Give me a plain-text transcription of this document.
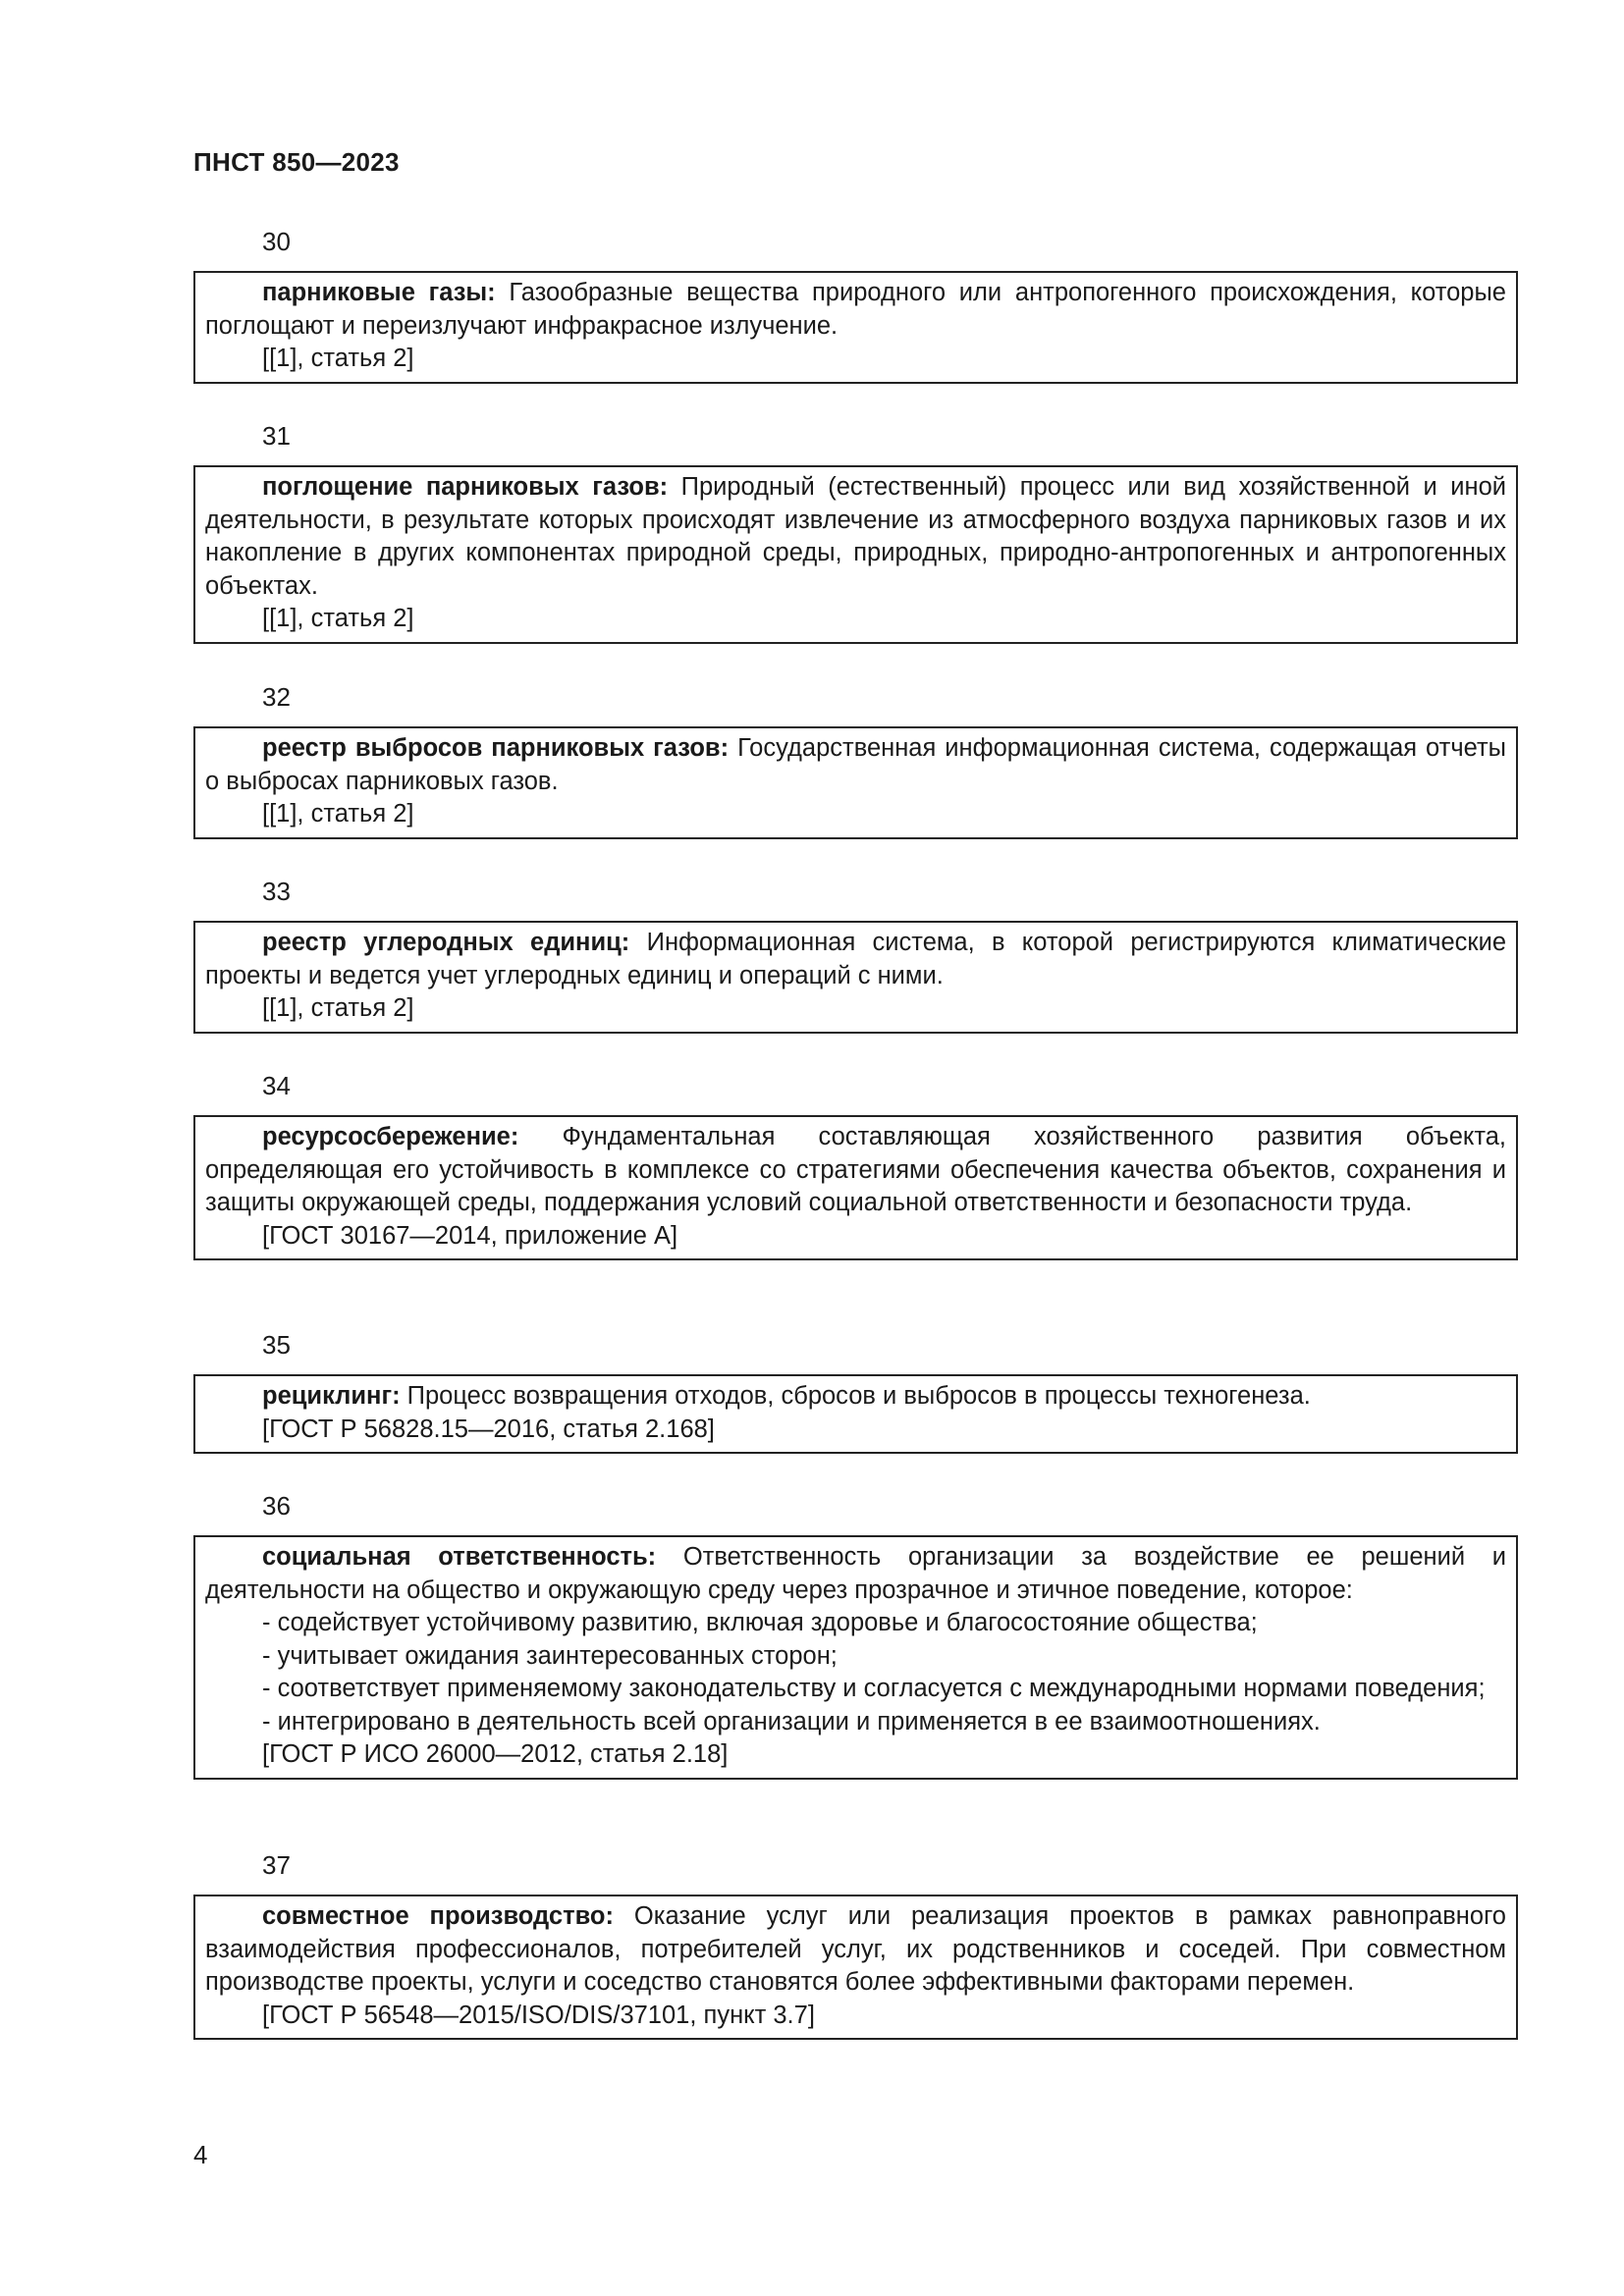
ПНСТ 850—2023
30

парниковые газы: Газообразные вещества природного или антропогенного происхождения, которые поглощают и переизлучают инфракрасное излучение.

[[1], статья 2]

31

поглощение парниковых газов: Природный (естественный) процесс или вид хозяйственной и иной деятельности, в результате которых происходят извлечение из атмосферного воздуха парниковых газов и их накопление в других компонентах природной среды, природных, природно-антропогенных и антропогенных объектах.

[[1], статья 2]

32

реестр выбросов парниковых газов: Государственная информационная система, содержащая отчеты о выбросах парниковых газов.

[[1], статья 2]

33

реестр углеродных единиц: Информационная система, в которой регистрируются климатические проекты и ведется учет углеродных единиц и операций с ними.

[[1], статья 2]

34

ресурсосбережение: Фундаментальная составляющая хозяйственного развития объекта, определяющая его устойчивость в комплексе со стратегиями обеспечения качества объектов, сохранения и защиты окружающей среды, поддержания условий социальной ответственности и безопасности труда.

[ГОСТ 30167—2014, приложение А]

35

рециклинг: Процесс возвращения отходов, сбросов и выбросов в процессы техногенеза.

[ГОСТ Р 56828.15—2016, статья 2.168]

36

социальная ответственность: Ответственность организации за воздействие ее решений и деятельности на общество и окружающую среду через прозрачное и этичное поведение, которое:

- содействует устойчивому развитию, включая здоровье и благосостояние общества;

- учитывает ожидания заинтересованных сторон;

- соответствует применяемому законодательству и согласуется с международными нормами поведения;

- интегрировано в деятельность всей организации и применяется в ее взаимоотношениях.

[ГОСТ Р ИСО 26000—2012, статья 2.18]

37

совместное производство: Оказание услуг или реализация проектов в рамках равноправного взаимодействия профессионалов, потребителей услуг, их родственников и соседей. При совместном производстве проекты, услуги и соседство становятся более эффективными факторами перемен.

[ГОСТ Р 56548—2015/ISO/DIS/37101, пункт 3.7]

4
